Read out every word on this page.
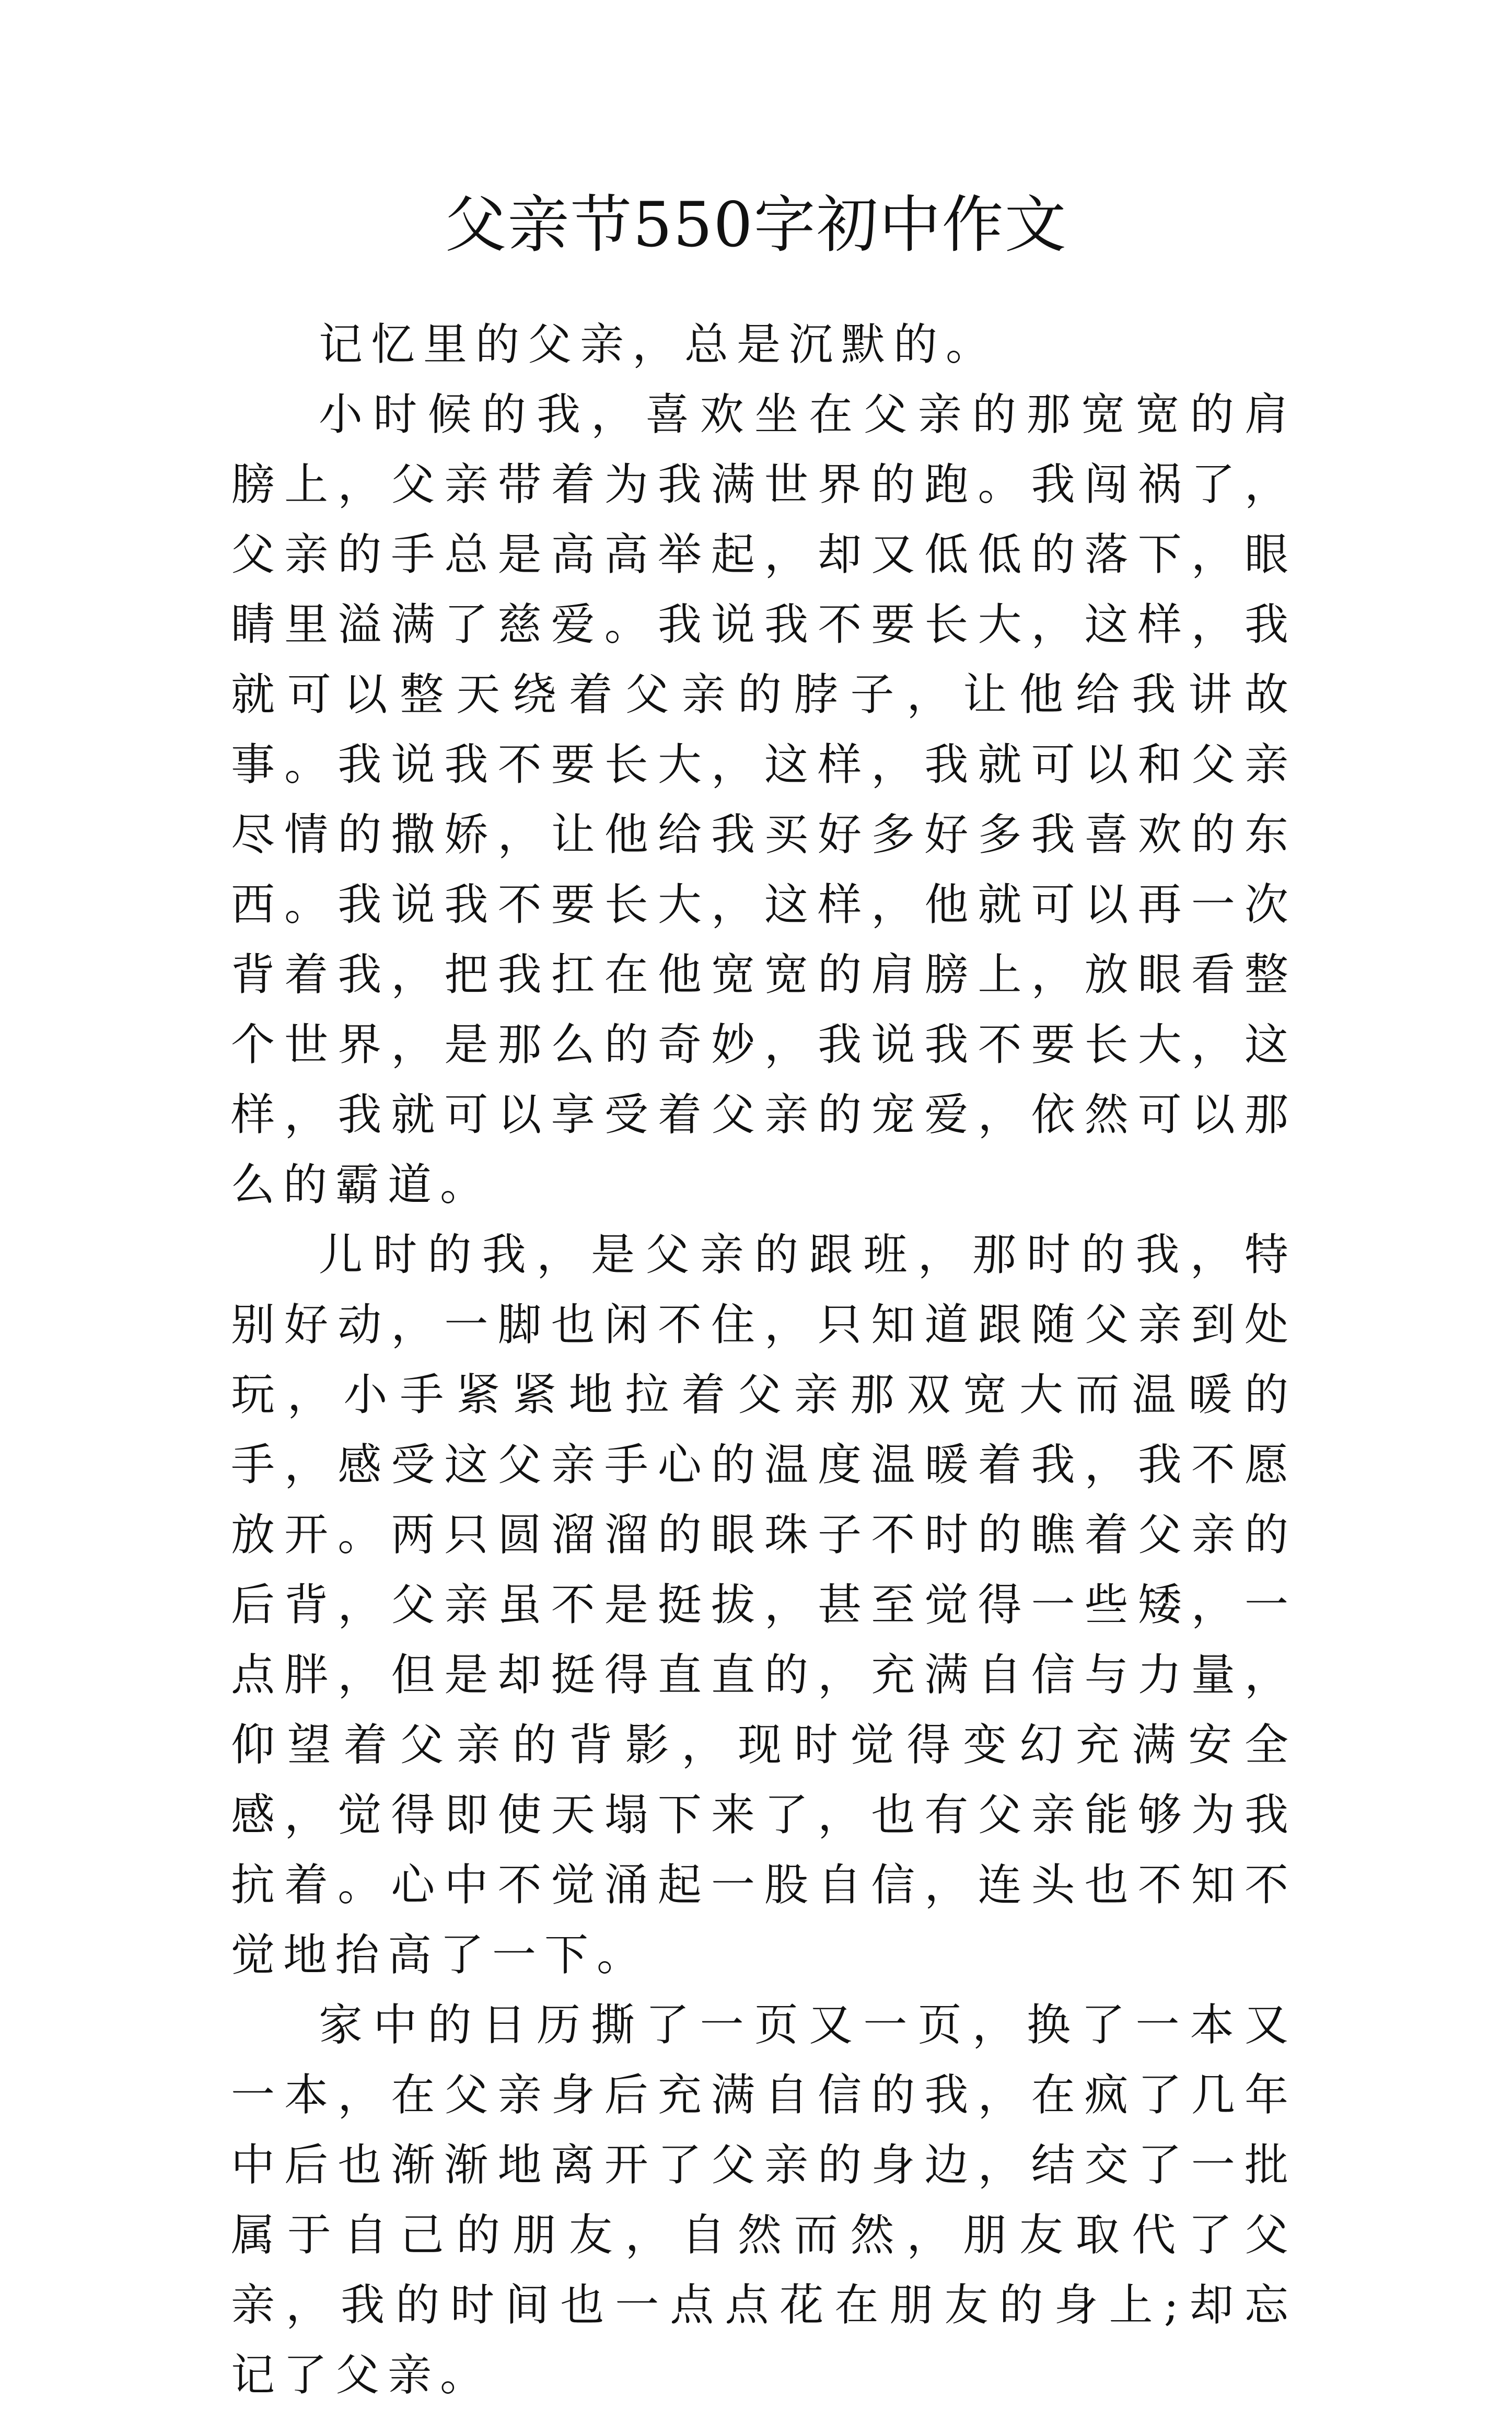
父亲节550字初中作文

记忆里的父亲，总是沉默的。

小时候的我，喜欢坐在父亲的那宽宽的肩膀上，父亲带着为我满世界的跑。我闯祸了，父亲的手总是高高举起，却又低低的落下，眼睛里溢满了慈爱。我说我不要长大，这样，我就可以整天绕着父亲的脖子，让他给我讲故事。我说我不要长大，这样，我就可以和父亲尽情的撒娇，让他给我买好多好多我喜欢的东西。我说我不要长大，这样，他就可以再一次背着我，把我扛在他宽宽的肩膀上，放眼看整个世界，是那么的奇妙，我说我不要长大，这样，我就可以享受着父亲的宠爱，依然可以那么的霸道。

儿时的我，是父亲的跟班，那时的我，特别好动，一脚也闲不住，只知道跟随父亲到处玩，小手紧紧地拉着父亲那双宽大而温暖的手，感受这父亲手心的温度温暖着我，我不愿放开。两只圆溜溜的眼珠子不时的瞧着父亲的后背，父亲虽不是挺拔，甚至觉得一些矮，一点胖，但是却挺得直直的，充满自信与力量，仰望着父亲的背影，现时觉得变幻充满安全感，觉得即使天塌下来了，也有父亲能够为我抗着。心中不觉涌起一股自信，连头也不知不觉地抬高了一下。

家中的日历撕了一页又一页，换了一本又一本，在父亲身后充满自信的我，在疯了几年中后也渐渐地离开了父亲的身边，结交了一批属于自己的朋友，自然而然，朋友取代了父亲，我的时间也一点点花在朋友的身上;却忘记了父亲。
